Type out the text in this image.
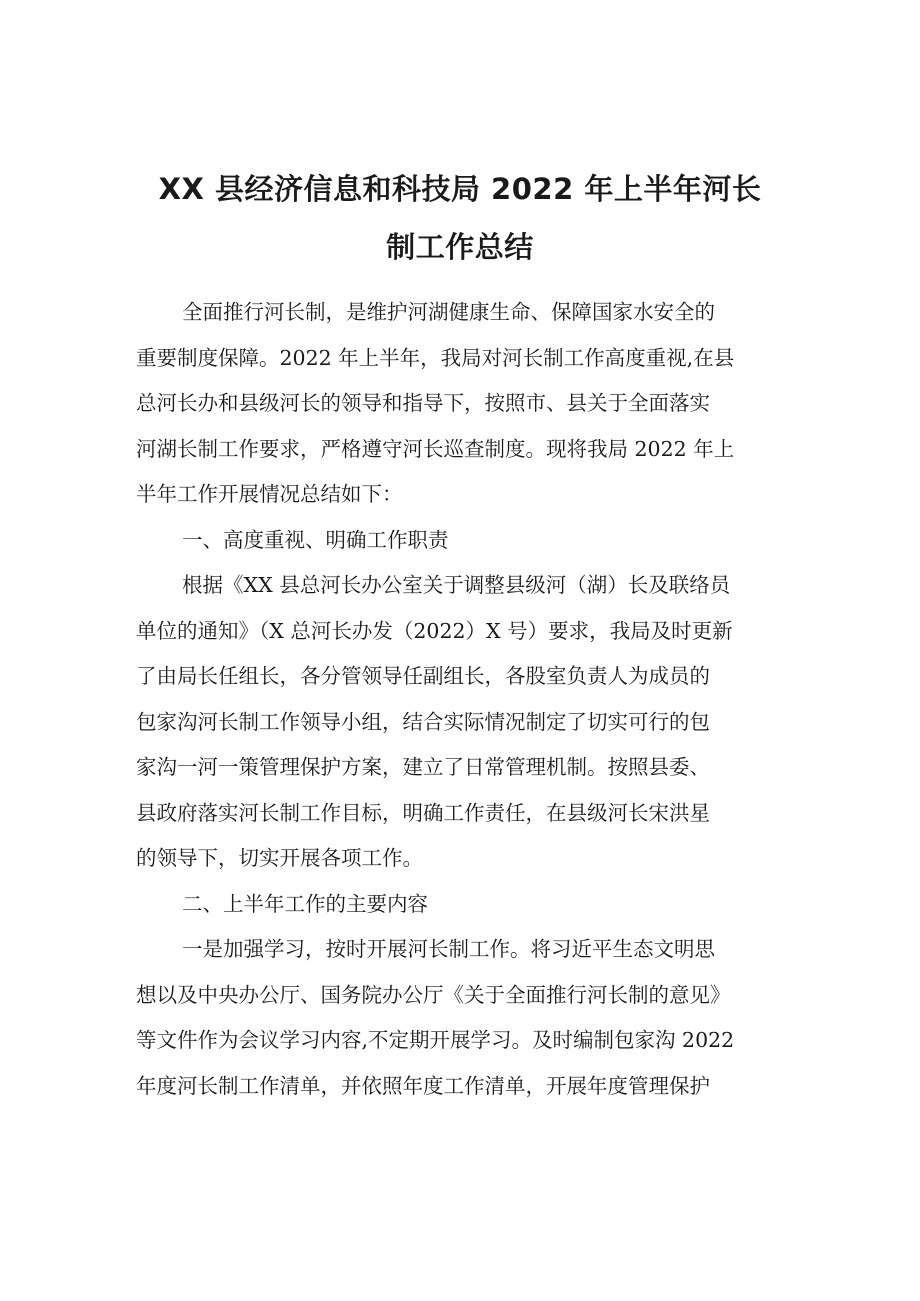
XX 县经济信息和科技局 2022 年上半年河长
制工作总结

全面推行河长制，是维护河湖健康生命、保障国家水安全的
重要制度保障。2022 年上半年，我局对河长制工作高度重视,在县
总河长办和县级河长的领导和指导下，按照市、县关于全面落实
河湖长制工作要求，严格遵守河长巡查制度。现将我局 2022 年上
半年工作开展情况总结如下：

一、高度重视、明确工作职责

根据《XX 县总河长办公室关于调整县级河（湖）长及联络员
单位的通知》（X 总河长办发（2022）X 号）要求，我局及时更新
了由局长任组长，各分管领导任副组长，各股室负责人为成员的
包家沟河长制工作领导小组，结合实际情况制定了切实可行的包
家沟一河一策管理保护方案，建立了日常管理机制。按照县委、
县政府落实河长制工作目标，明确工作责任，在县级河长宋洪星
的领导下，切实开展各项工作。

二、上半年工作的主要内容

一是加强学习，按时开展河长制工作。将习近平生态文明思
想以及中央办公厅、国务院办公厅《关于全面推行河长制的意见》
等文件作为会议学习内容,不定期开展学习。及时编制包家沟 2022
年度河长制工作清单，并依照年度工作清单，开展年度管理保护
